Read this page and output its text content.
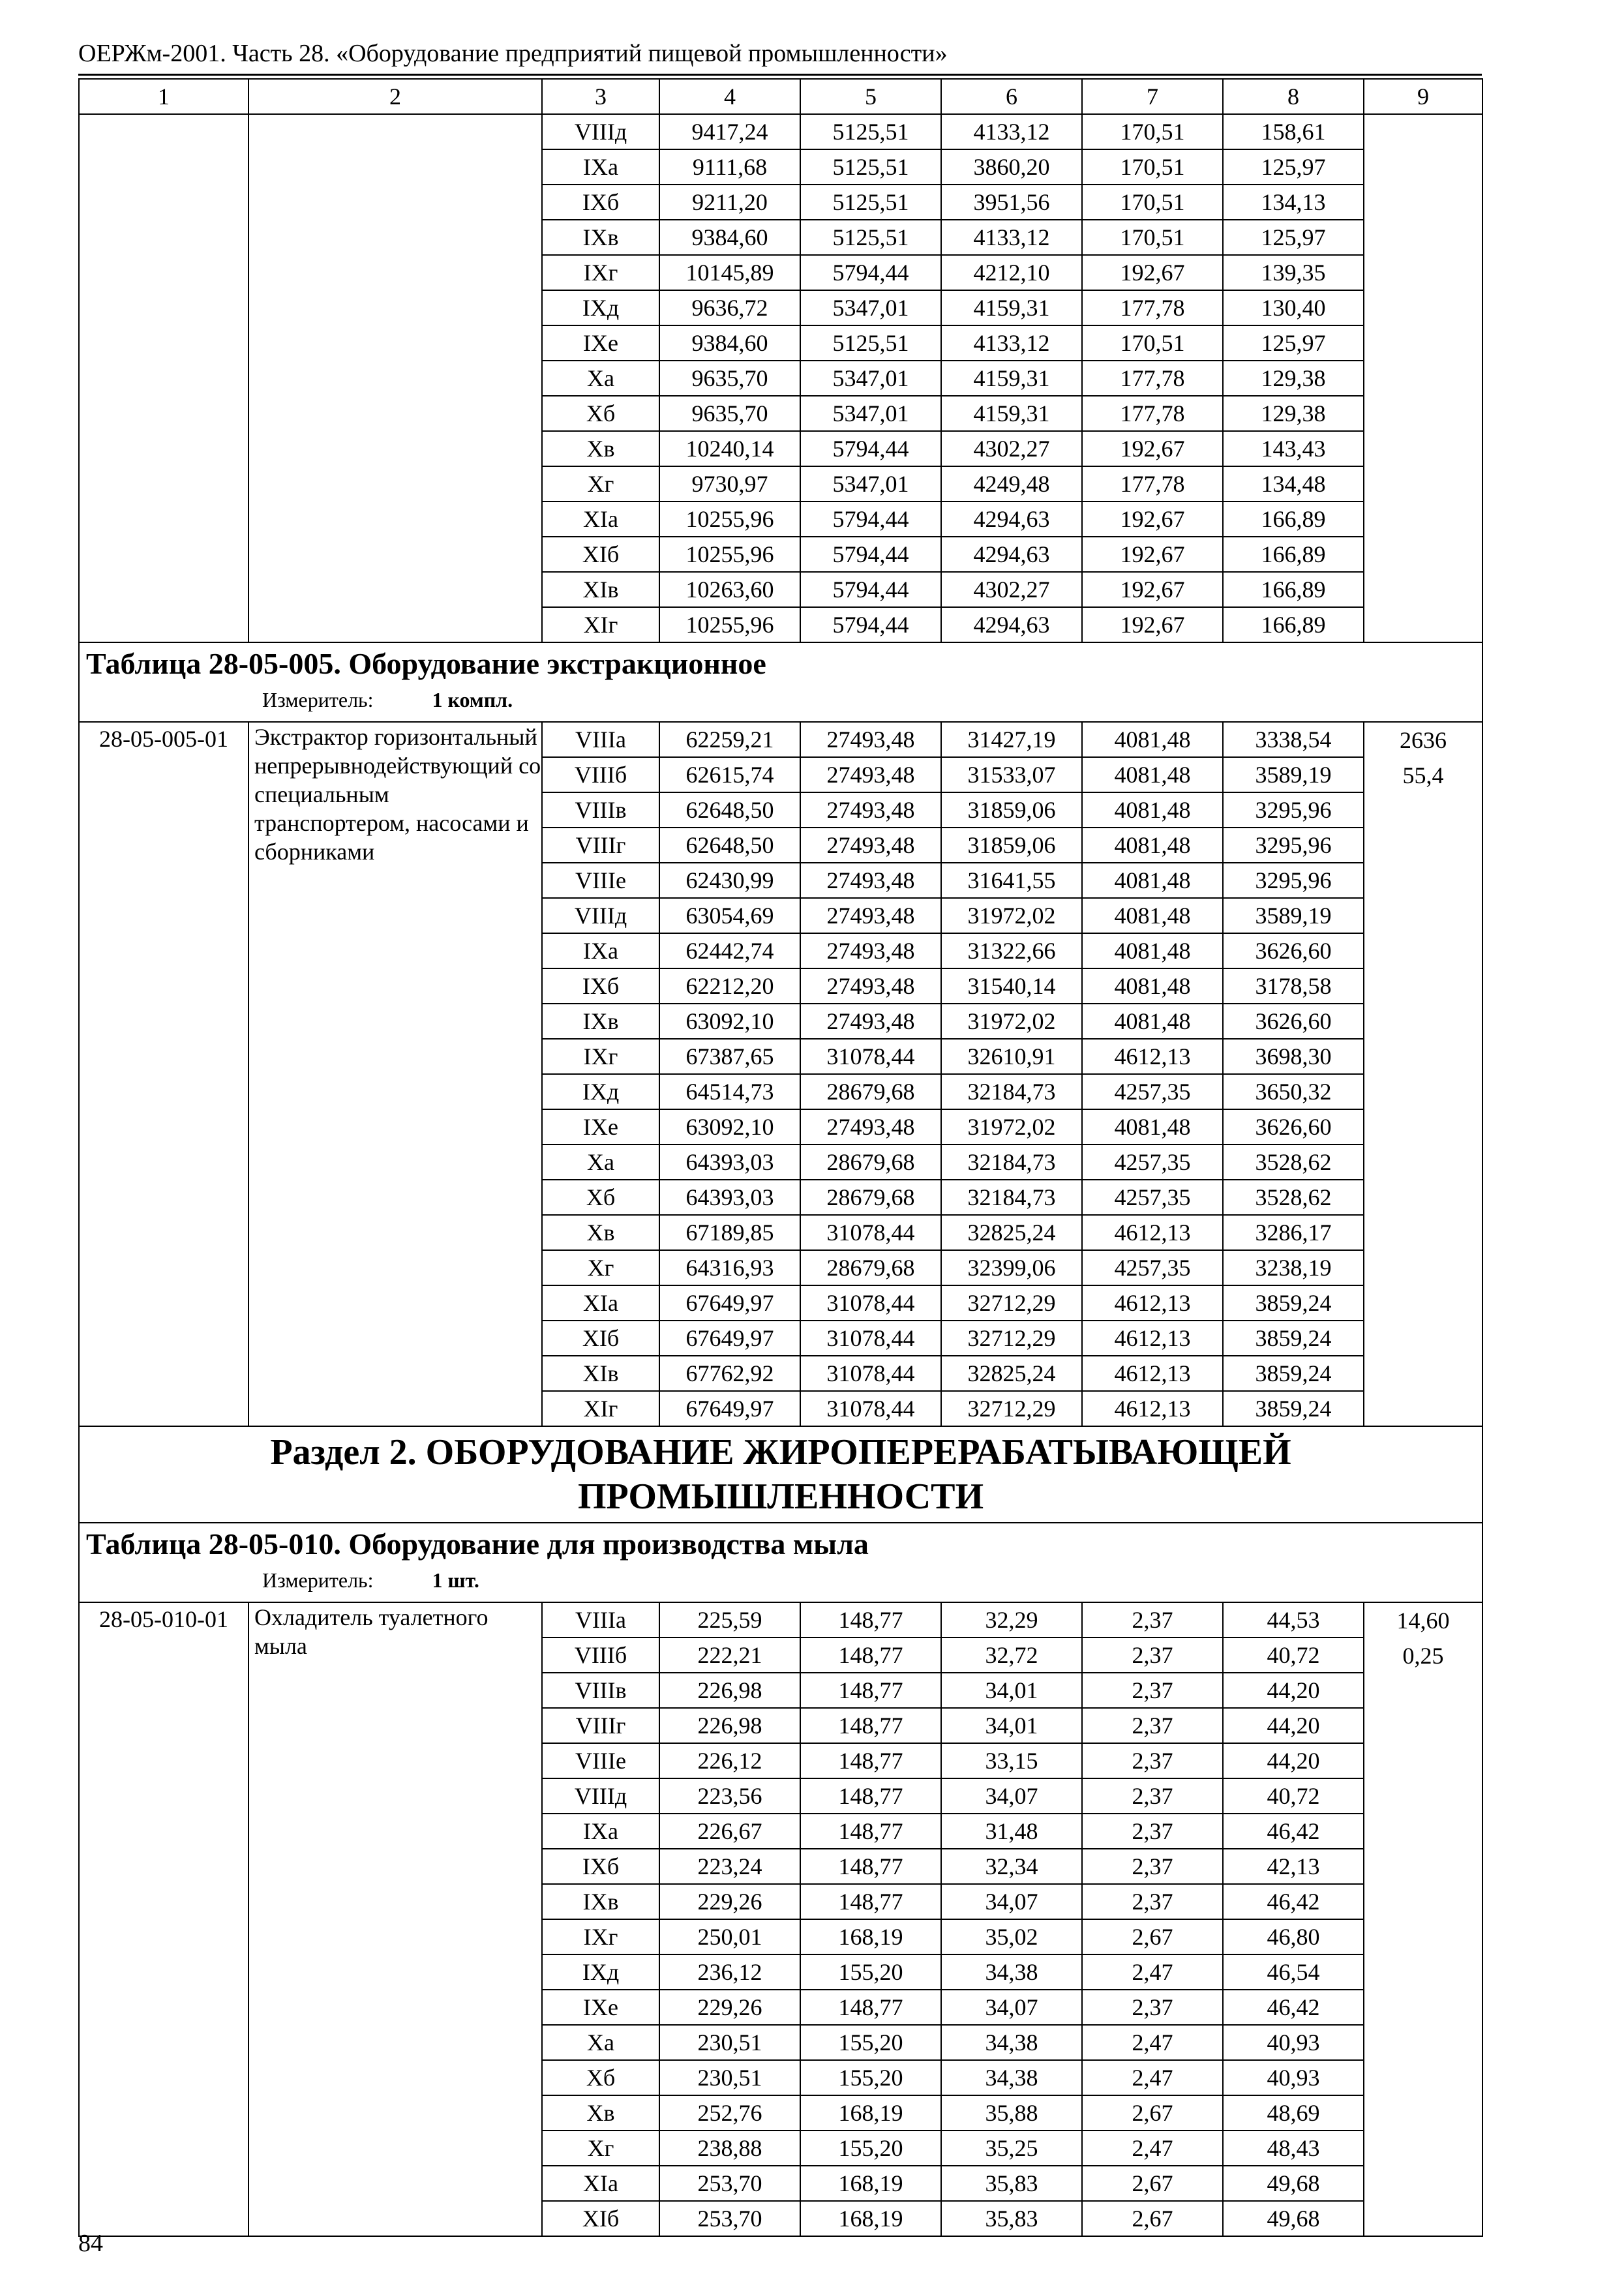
ОЕРЖм-2001. Часть 28. «Оборудование предприятий пищевой промышленности»
1	2	3	4	5	6	7	8	9
		VIIIд	9417,24	5125,51	4133,12	170,51	158,61	
		IXа	9111,68	5125,51	3860,20	170,51	125,97	
		IXб	9211,20	5125,51	3951,56	170,51	134,13	
		IXв	9384,60	5125,51	4133,12	170,51	125,97	
		IXг	10145,89	5794,44	4212,10	192,67	139,35	
		IXд	9636,72	5347,01	4159,31	177,78	130,40	
		IXе	9384,60	5125,51	4133,12	170,51	125,97	
		Xа	9635,70	5347,01	4159,31	177,78	129,38	
		Xб	9635,70	5347,01	4159,31	177,78	129,38	
		Xв	10240,14	5794,44	4302,27	192,67	143,43	
		Xг	9730,97	5347,01	4249,48	177,78	134,48	
		XIа	10255,96	5794,44	4294,63	192,67	166,89	
		XIб	10255,96	5794,44	4294,63	192,67	166,89	
		XIв	10263,60	5794,44	4302,27	192,67	166,89	
		XIг	10255,96	5794,44	4294,63	192,67	166,89	

Таблица 28-05-005. Оборудование экстракционное
Измеритель: 1 компл.								

28-05-005-01	Экстрактор горизонтальный непрерывнодействующий со специальным транспортером, насосами и сборниками	VIIIа	62259,21	27493,48	31427,19	4081,48	3338,54	2636
55,4
		VIIIб	62615,74	27493,48	31533,07	4081,48	3589,19	
		VIIIв	62648,50	27493,48	31859,06	4081,48	3295,96	
		VIIIг	62648,50	27493,48	31859,06	4081,48	3295,96	
		VIIIе	62430,99	27493,48	31641,55	4081,48	3295,96	
		VIIIд	63054,69	27493,48	31972,02	4081,48	3589,19	
		IXа	62442,74	27493,48	31322,66	4081,48	3626,60	
		IXб	62212,20	27493,48	31540,14	4081,48	3178,58	
		IXв	63092,10	27493,48	31972,02	4081,48	3626,60	
		IXг	67387,65	31078,44	32610,91	4612,13	3698,30	
		IXд	64514,73	28679,68	32184,73	4257,35	3650,32	
		IXе	63092,10	27493,48	31972,02	4081,48	3626,60	
		Xа	64393,03	28679,68	32184,73	4257,35	3528,62	
		Xб	64393,03	28679,68	32184,73	4257,35	3528,62	
		Xв	67189,85	31078,44	32825,24	4612,13	3286,17	
		Xг	64316,93	28679,68	32399,06	4257,35	3238,19	
		XIа	67649,97	31078,44	32712,29	4612,13	3859,24	
		XIб	67649,97	31078,44	32712,29	4612,13	3859,24	
		XIв	67762,92	31078,44	32825,24	4612,13	3859,24	
		XIг	67649,97	31078,44	32712,29	4612,13	3859,24	
Раздел 2. ОБОРУДОВАНИЕ ЖИРОПЕРЕРАБАТЫВАЮЩЕЙ ПРОМЫШЛЕННОСТИ								

Таблица 28-05-010. Оборудование для производства мыла
Измеритель: 1 шт.								

28-05-010-01	Охладитель туалетного мыла	VIIIа	225,59	148,77	32,29	2,37	44,53	14,60
0,25
		VIIIб	222,21	148,77	32,72	2,37	40,72	
		VIIIв	226,98	148,77	34,01	2,37	44,20	
		VIIIг	226,98	148,77	34,01	2,37	44,20	
		VIIIе	226,12	148,77	33,15	2,37	44,20	
		VIIIд	223,56	148,77	34,07	2,37	40,72	
		IXа	226,67	148,77	31,48	2,37	46,42	
		IXб	223,24	148,77	32,34	2,37	42,13	
		IXв	229,26	148,77	34,07	2,37	46,42	
		IXг	250,01	168,19	35,02	2,67	46,80	
		IXд	236,12	155,20	34,38	2,47	46,54	
		IXе	229,26	148,77	34,07	2,37	46,42	
		Xа	230,51	155,20	34,38	2,47	40,93	
		Xб	230,51	155,20	34,38	2,47	40,93	
		Xв	252,76	168,19	35,88	2,67	48,69	
		Xг	238,88	155,20	35,25	2,47	48,43	
		XIа	253,70	168,19	35,83	2,67	49,68	
		XIб	253,70	168,19	35,83	2,67	49,68	
84
